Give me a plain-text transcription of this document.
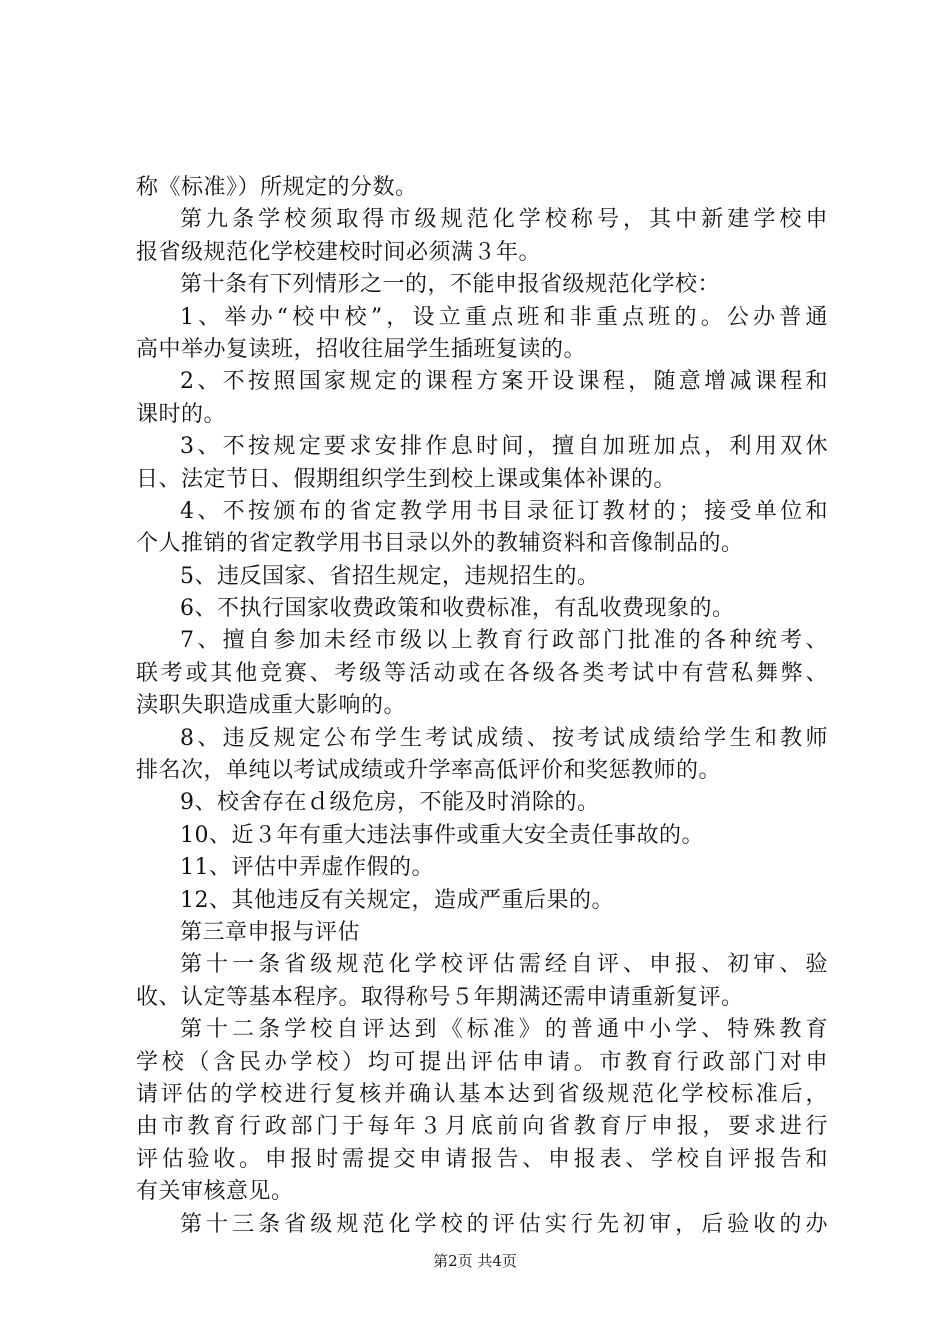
称《标准》）所规定的分数。
第九条学校须取得市级规范化学校称号，其中新建学校申
报省级规范化学校建校时间必须满３年。
第十条有下列情形之一的，不能申报省级规范化学校：
1、举办“校中校”，设立重点班和非重点班的。公办普通
高中举办复读班，招收往届学生插班复读的。
2、不按照国家规定的课程方案开设课程，随意增减课程和
课时的。
3、不按规定要求安排作息时间，擅自加班加点，利用双休
日、法定节日、假期组织学生到校上课或集体补课的。
4、不按颁布的省定教学用书目录征订教材的；接受单位和
个人推销的省定教学用书目录以外的教辅资料和音像制品的。
5、违反国家、省招生规定，违规招生的。
6、不执行国家收费政策和收费标准，有乱收费现象的。
7、擅自参加未经市级以上教育行政部门批准的各种统考、
联考或其他竞赛、考级等活动或在各级各类考试中有营私舞弊、
渎职失职造成重大影响的。
8、违反规定公布学生考试成绩、按考试成绩给学生和教师
排名次，单纯以考试成绩或升学率高低评价和奖惩教师的。
9、校舍存在ｄ级危房，不能及时消除的。
10、近３年有重大违法事件或重大安全责任事故的。
11、评估中弄虚作假的。
12、其他违反有关规定，造成严重后果的。
第三章申报与评估
第十一条省级规范化学校评估需经自评、申报、初审、验
收、认定等基本程序。取得称号５年期满还需申请重新复评。
第十二条学校自评达到《标准》的普通中小学、特殊教育
学校（含民办学校）均可提出评估申请。市教育行政部门对申
请评估的学校进行复核并确认基本达到省级规范化学校标准后，
由市教育行政部门于每年３月底前向省教育厅申报，要求进行
评估验收。申报时需提交申请报告、申报表、学校自评报告和
有关审核意见。
第十三条省级规范化学校的评估实行先初审，后验收的办
第2页 共4页
